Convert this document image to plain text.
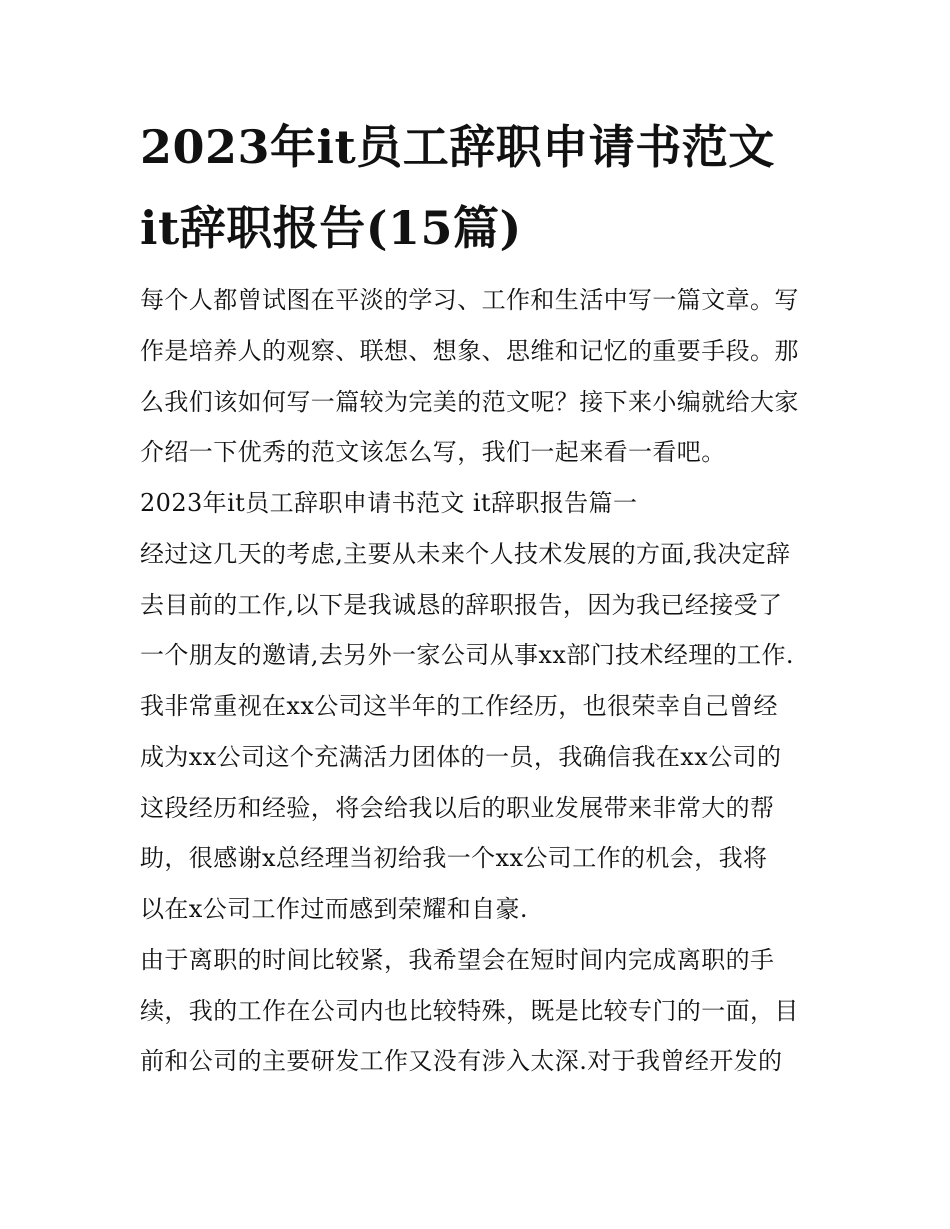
2023年it员工辞职申请书范文
it辞职报告(15篇)
每个人都曾试图在平淡的学习、工作和生活中写一篇文章。写
作是培养人的观察、联想、想象、思维和记忆的重要手段。那
么我们该如何写一篇较为完美的范文呢？接下来小编就给大家
介绍一下优秀的范文该怎么写，我们一起来看一看吧。
2023年it员工辞职申请书范文 it辞职报告篇一
经过这几天的考虑,主要从未来个人技术发展的方面,我决定辞
去目前的工作,以下是我诚恳的辞职报告，因为我已经接受了
一个朋友的邀请,去另外一家公司从事xx部门技术经理的工作.
我非常重视在xx公司这半年的工作经历，也很荣幸自己曾经
成为xx公司这个充满活力团体的一员，我确信我在xx公司的
这段经历和经验，将会给我以后的职业发展带来非常大的帮
助，很感谢x总经理当初给我一个xx公司工作的机会，我将
以在x公司工作过而感到荣耀和自豪.
由于离职的时间比较紧，我希望会在短时间内完成离职的手
续，我的工作在公司内也比较特殊，既是比较专门的一面，目
前和公司的主要研发工作又没有涉入太深.对于我曾经开发的
